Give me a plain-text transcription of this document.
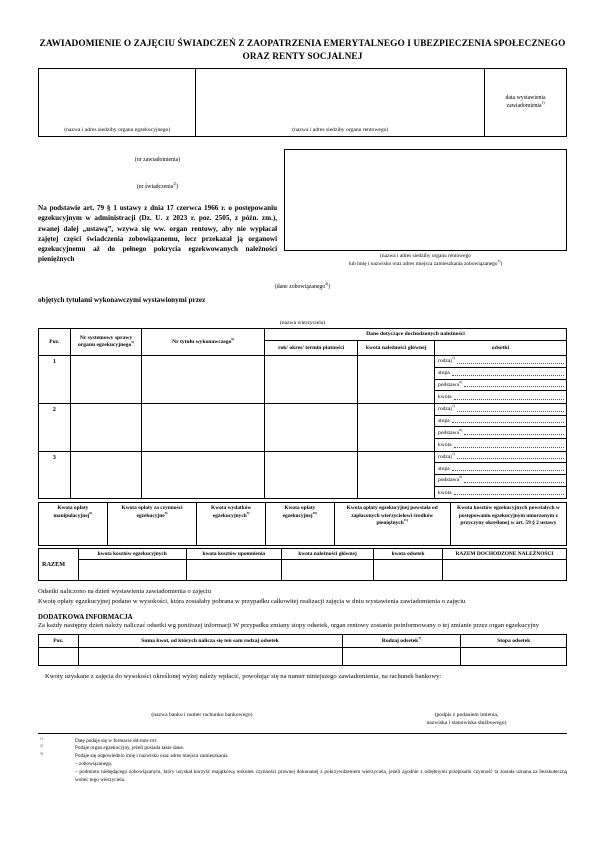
ZAWIADOMIENIE O ZAJĘCIU ŚWIADCZEŃ Z ZAOPATRZENIA EMERYTALNEGO I UBEZPIECZENIA SPOŁECZNEGO
ORAZ RENTY SOCJALNEJ
(nazwa i adres siedziby organu egzekucyjnego)	(nazwa i adres siedziby organu rentowego)
data wystawienia
zawiadomienia$^{1)}$
(nr zawiadomienia)
(nr świadczenia$^{2)}$)
Na podstawie art. 79 § 1 ustawy z dnia 17 czerwca 1966 r. o postępowaniu egzekucyjnym w administracji (Dz. U. z 2023 r. poz. 2505, z późn. zm.), zwanej dalej „ustawą”, wzywa się ww. organ rentowy, aby nie wypłacał zajętej części świadczenia zobowiązanemu, lecz przekazał ją organowi egzekucyjnemu aż do pełnego pokrycia egzekwowanych należności pieniężnych	(nazwa i adres siedziby organu rentowego
lub imię i nazwisko oraz adres miejsca zamieszkania zobowiązanego$^{3)}$)
(dane zobowiązanego$^{4)}$)
objętych tytułami wykonawczymi wystawionymi przez
(nazwa wierzyciela)
Poz.	Nr systemowy sprawy organu egzekucyjnego$^{5)}$	Nr tytułu wykonawczego$^{6)}$	Dane dotyczące dochodzonych należności		
			rok/ okres/ termin płatności	kwota należności głównej	odsetki
1					rodzaj$^{7)}$
stopa
podstawa$^{8)}$
kwota

2					rodzaj$^{7)}$
stopa
podstawa$^{8)}$
kwota

3					rodzaj$^{7)}$
stopa
podstawa$^{8)}$
kwota
Kwota opłaty manipulacyjnej$^{9)}$	Kwota opłaty za czynności egzekucyjne$^{9)}$	Kwota wydatków egzekucyjnych$^{9)}$	Kwota opłaty egzekucyjnej$^{10)}$	Kwota opłaty egzekucyjnej powstała od zapłaconych wierzycielowi środków pieniężnych$^{11)}$	Kwota kosztów egzekucyjnych powstałych w postępowaniu egzekucyjnym umorzonym z przyczyny określonej w art. 59 § 2 ustawy
RAZEM	kwota kosztów egzekucyjnych	kwota kosztów upomnienia	kwota należności głównej	kwota odsetek	RAZEM DOCHODZONE NALEŻNOŚCI

Odsetki naliczono na dzień wystawienia zawiadomienia o zajęciu
Kwotę opłaty egzekucyjnej podano w wysokości, która zostałaby pobrana w przypadku całkowitej realizacji zajęcia w dniu wystawienia zawiadomienia o zajęciu
DODATKOWA INFORMACJA
Za każdy następny dzień należy naliczać odsetki wg poniższej informacji W przypadku zmiany stopy odsetek, organ rentowy zostanie poinformowany o tej zmianie przez organ egzekucyjny
Poz.	Suma kwot, od których nalicza się ten sam rodzaj odsetek	Rodzaj odsetek$^{7)}$	Stopa odsetek

Kwoty uzyskane z zajęcia do wysokości określonej wyżej należy wpłacić, powołując się na numer niniejszego zawiadomienia, na rachunek bankowy:
(nazwa banku i numer rachunku bankowego)	(podpis z podaniem imienia,
nazwiska i stanowiska służbowego)
$^{1)}$	Datę podaje się w formacie dd-mm-rrrr.
$^{2)}$	Podaje organ egzekucyjny, jeżeli posiada takie dane.
$^{3)}$	Podaje się odpowiednio imię i nazwisko oraz adres miejsca zamieszkania
– zobowiązanego,
– podmiotu niebędącego zobowiązanym, który uzyskał korzyść majątkową wskutek czynności prawnej dokonanej z pokrzywdzeniem wierzyciela, jeżeli zgodnie z odrębnymi przepisami czynność ta została uznana za bezskuteczną wobec tego wierzyciela.
